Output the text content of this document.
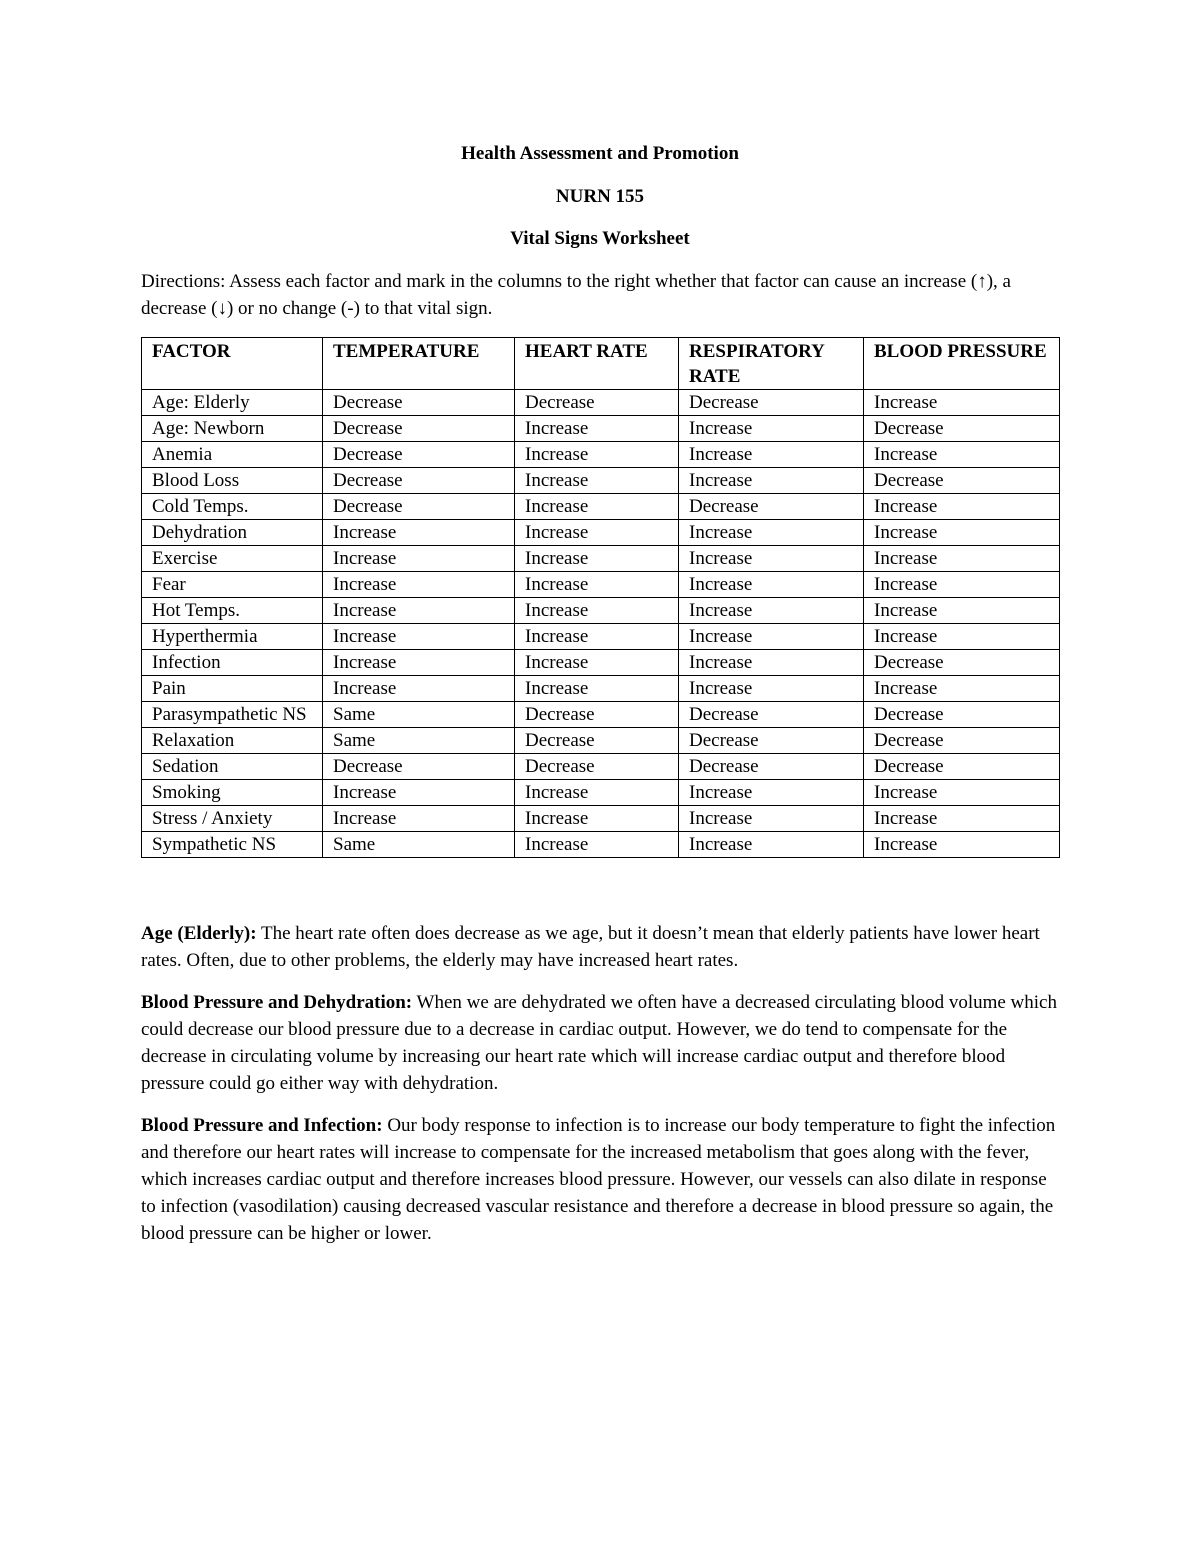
Health Assessment and Promotion
NURN 155
Vital Signs Worksheet

Directions: Assess each factor and mark in the columns to the right whether that factor can cause an increase (↑), a decrease (↓) or no change (-) to that vital sign.

FACTOR	TEMPERATURE	HEART RATE	RESPIRATORY RATE	BLOOD PRESSURE
Age: Elderly	Decrease	Decrease	Decrease	Increase
Age: Newborn	Decrease	Increase	Increase	Decrease
Anemia	Decrease	Increase	Increase	Increase
Blood Loss	Decrease	Increase	Increase	Decrease
Cold Temps.	Decrease	Increase	Decrease	Increase
Dehydration	Increase	Increase	Increase	Increase
Exercise	Increase	Increase	Increase	Increase
Fear	Increase	Increase	Increase	Increase
Hot Temps.	Increase	Increase	Increase	Increase
Hyperthermia	Increase	Increase	Increase	Increase
Infection	Increase	Increase	Increase	Decrease
Pain	Increase	Increase	Increase	Increase
Parasympathetic NS	Same	Decrease	Decrease	Decrease
Relaxation	Same	Decrease	Decrease	Decrease
Sedation	Decrease	Decrease	Decrease	Decrease
Smoking	Increase	Increase	Increase	Increase
Stress / Anxiety	Increase	Increase	Increase	Increase
Sympathetic NS	Same	Increase	Increase	Increase

Age (Elderly): The heart rate often does decrease as we age, but it doesn’t mean that elderly patients have lower heart rates. Often, due to other problems, the elderly may have increased heart rates.

Blood Pressure and Dehydration: When we are dehydrated we often have a decreased circulating blood volume which could decrease our blood pressure due to a decrease in cardiac output. However, we do tend to compensate for the decrease in circulating volume by increasing our heart rate which will increase cardiac output and therefore blood pressure could go either way with dehydration.

Blood Pressure and Infection: Our body response to infection is to increase our body temperature to fight the infection and therefore our heart rates will increase to compensate for the increased metabolism that goes along with the fever, which increases cardiac output and therefore increases blood pressure. However, our vessels can also dilate in response to infection (vasodilation) causing decreased vascular resistance and therefore a decrease in blood pressure so again, the blood pressure can be higher or lower.
